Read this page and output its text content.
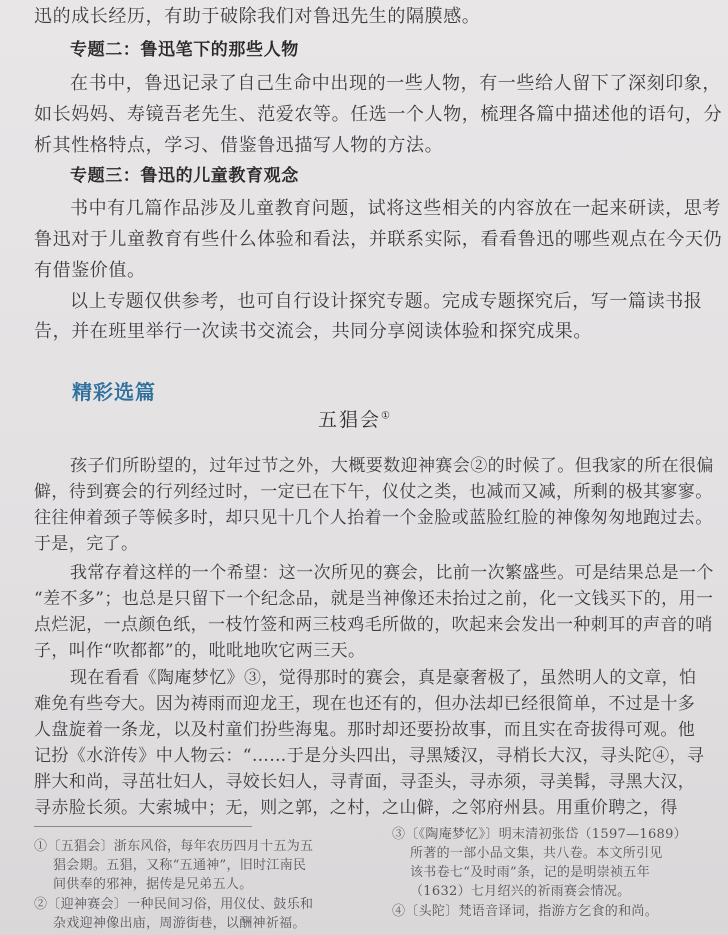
迅的成长经历，有助于破除我们对鲁迅先生的隔膜感。
专题二：鲁迅笔下的那些人物
在书中，鲁迅记录了自己生命中出现的一些人物，有一些给人留下了深刻印象，
如长妈妈、寿镜吾老先生、范爱农等。任选一个人物，梳理各篇中描述他的语句，分
析其性格特点，学习、借鉴鲁迅描写人物的方法。
专题三：鲁迅的儿童教育观念
书中有几篇作品涉及儿童教育问题，试将这些相关的内容放在一起来研读，思考
鲁迅对于儿童教育有些什么体验和看法，并联系实际，看看鲁迅的哪些观点在今天仍
有借鉴价值。
以上专题仅供参考，也可自行设计探究专题。完成专题探究后，写一篇读书报
告，并在班里举行一次读书交流会，共同分享阅读体验和探究成果。
精彩选篇
五猖会①
孩子们所盼望的，过年过节之外，大概要数迎神赛会②的时候了。但我家的所在很偏
僻，待到赛会的行列经过时，一定已在下午，仪仗之类，也减而又减，所剩的极其寥寥。
往往伸着颈子等候多时，却只见十几个人抬着一个金脸或蓝脸红脸的神像匆匆地跑过去。
于是，完了。
我常存着这样的一个希望：这一次所见的赛会，比前一次繁盛些。可是结果总是一个
“差不多”；也总是只留下一个纪念品，就是当神像还未抬过之前，化一文钱买下的，用一
点烂泥，一点颜色纸，一枝竹签和两三枝鸡毛所做的，吹起来会发出一种刺耳的声音的哨
子，叫作“吹都都”的，吡吡地吹它两三天。
现在看看《陶庵梦忆》③，觉得那时的赛会，真是豪奢极了，虽然明人的文章，怕
难免有些夸大。因为祷雨而迎龙王，现在也还有的，但办法却已经很简单，不过是十多
人盘旋着一条龙，以及村童们扮些海鬼。那时却还要扮故事，而且实在奇拔得可观。他
记扮《水浒传》中人物云：“……于是分头四出，寻黑矮汉，寻梢长大汉，寻头陀④，寻
胖大和尚，寻茁壮妇人，寻姣长妇人，寻青面，寻歪头，寻赤须，寻美髯，寻黑大汉，
寻赤脸长须。大索城中；无，则之郭，之村，之山僻，之邻府州县。用重价聘之，得
①〔五猖会〕浙东风俗，每年农历四月十五为五
猖会期。五猖，又称“五通神”，旧时江南民
间供奉的邪神，据传是兄弟五人。
②〔迎神赛会〕一种民间习俗，用仪仗、鼓乐和
杂戏迎神像出庙，周游街巷，以酬神祈福。
③〔《陶庵梦忆》〕明末清初张岱（1597—1689）
所著的一部小品文集，共八卷。本文所引见
该书卷七“及时雨”条，记的是明崇祯五年
（1632）七月绍兴的祈雨赛会情况。
④〔头陀〕梵语音译词，指游方乞食的和尚。
